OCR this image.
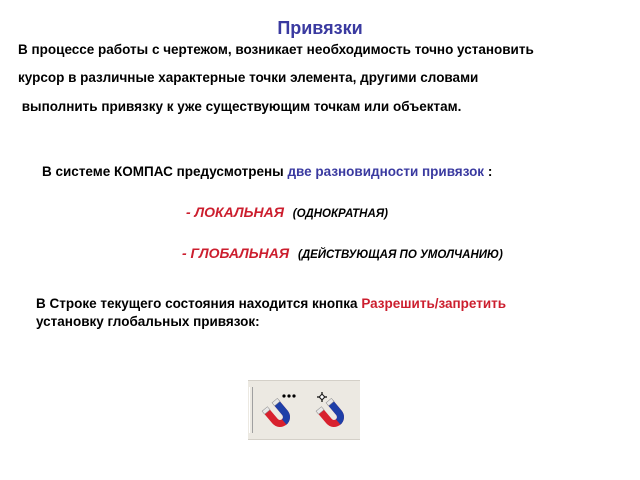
Привязки
В процессе работы с чертежом, возникает необходимость точно установить
курсор в различные характерные точки элемента, другими словами
выполнить привязку к уже существующим точкам или объектам.
В системе КОМПАС предусмотрены две разновидности привязок :
- ЛОКАЛЬНАЯ (ОДНОКРАТНАЯ)
- ГЛОБАЛЬНАЯ (ДЕЙСТВУЮЩАЯ ПО УМОЛЧАНИЮ)
В Строке текущего состояния находится кнопка Разрешить/запретить
установку глобальных привязок:
